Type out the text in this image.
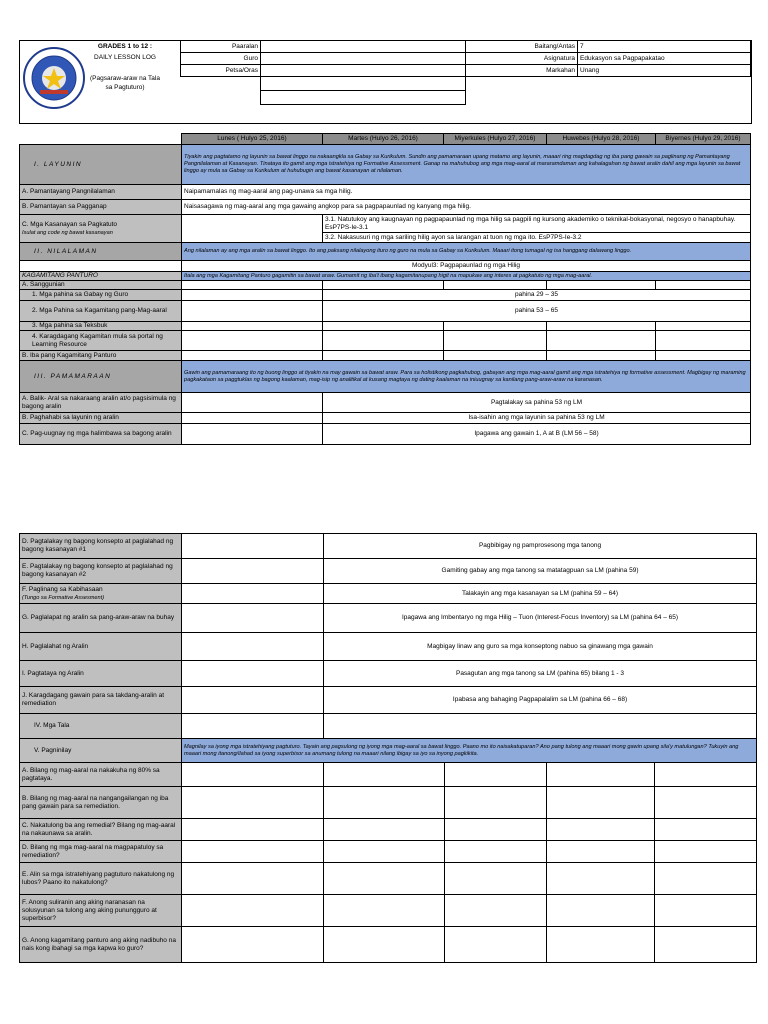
GRADES 1 to 12 :
DAILY LESSON LOG
(Pagsaraw-araw na Tala sa Pagtuturo)
Paaralan		Baitang/Antas	7
Guro		Asignatura	Edukasyon sa Pagpapakatao
Petsa/Oras		Markahan	Unang

	Lunes ( Hulyo 25, 2016)	Martes (Hulyo 26, 2016)	Miyerkules (Hulyo 27, 2016)	Huwebes (Hulyo 28, 2016)	Biyernes (Hulyo 29, 2016)
I. LAYUNIN	Tiyakin ang pagtatamo ng layunin sa bawat linggo na nakaangkla sa Gabay sa Kurikulum. Sundin ang pamamaraan upang matamo ang layunin, maaari ring magdagdag ng iba pang gawain sa paglinang ng Pamantayang Pangnilalaman at Kasanayan. Tinataya ito gamit ang mga istratehiya ng Formative Assessment. Ganap na mahuhubog ang mga mag-aaral at mararamdaman ang kahalagahan ng bawat aralin dahil ang mga layunin sa bawat linggo ay mula sa Gabay sa Kurikulum at huhubugin ang bawat kasanayan at nilalaman.				
A. Pamantayang Pangnilalaman	Naipamamalas ng mag-aaral ang pag-unawa sa mga hilig.				
B. Pamantayan sa Pagganap	Naisasagawa ng mag-aaral ang mga gawaing angkop para sa pagpapaunlad ng kanyang mga hilig.				
C. Mga Kasanayan sa Pagkatuto
Isulat ang code ng bawat kasanayan		3.1. Natutukoy ang kaugnayan ng pagpapaunlad ng mga hilig sa pagpili ng kursong akademiko o teknikal-bokasyonal, negosyo o hanapbuhay. EsP7PS-Ie-3.1			
		3.2. Nakasusuri ng mga sariling hilig ayon sa larangan at tuon ng mga ito. EsP7PS-Ie-3.2			
II. NILALAMAN	Ang nilalaman ay ang mga aralin sa bawat linggo. Ito ang paksang nilalayong ituro ng guro na mula sa Gabay sa Kurikulum. Maaari itong tumagal ng isa hanggang dalawang linggo.				
	Modyul3: Pagpapaunlad ng mga Hilig				
KAGAMITANG PANTURO	Itala ang mga Kagamitang Panturo gagamitin sa bawat araw. Gumamit ng iba't ibang kagamitanupang higit na mapukaw ang interes at pagkatuto ng mga mag-aaral.				
A. Sanggunian					
1. Mga pahina sa Gabay ng Guro		pahina 29 – 35			
2. Mga Pahina sa Kagamitang pang-Mag-aaral		pahina 53 – 65			
3. Mga pahina sa Teksbuk					
4. Karagdagang Kagamitan mula sa portal ng Learning Resource					
B. Iba pang Kagamitang Panturo					
III. PAMAMARAAN	Gawin ang pamamaraang ito ng buong linggo at tiyakin na may gawain sa bawat araw. Para sa holistikong pagkahubog, gabayan ang mga mag-aaral gamit ang mga istratehiya ng formative assessment. Magbigay ng maraming pagkakataon sa paggtuklas ng bagong kaalaman, mag-isip ng analitikal at kusang magtaya ng dating kaalaman na iniuugnay sa kanilang pang-araw-araw na karanasan.				
A. Balik- Aral sa nakaraang aralin at/o pagsisimula ng bagong aralin		Pagtalakay sa pahina 53 ng LM			
B. Paghahabi sa layunin ng aralin		Isa-isahin ang mga layunin sa pahina 53 ng LM			
C. Pag-uugnay ng mga halimbawa sa bagong aralin		Ipagawa ang gawain 1, A at B (LM 56 – 58)			
D. Pagtalakay ng bagong konsepto at paglalahad ng bagong kasanayan #1		Pagbibigay ng pamprosesong mga tanong			
E. Pagtalakay ng bagong konsepto at paglalahad ng bagong kasanayan #2		Gamiting gabay ang mga tanong sa matatagpuan sa LM (pahina 59)			
F. Paglinang sa Kabihasaan
(Tungo sa Formative Assesment)		Talakayin ang mga kasanayan sa LM (pahina 59 – 64)			
G. Paglalapat ng aralin sa pang-araw-araw na buhay		Ipagawa ang Imbentaryo ng mga Hilig – Tuon (Interest-Focus Inventory) sa LM (pahina 64 – 65)			
H. Paglalahat ng Aralin		Magbigay linaw ang guro sa mga konseptong nabuo sa ginawang mga gawain			
I. Pagtataya ng Aralin		Pasagutan ang mga tanong sa LM (pahina 65) bilang 1 - 3			
J. Karagdagang gawain para sa takdang-aralin at remediation		Ipabasa ang bahaging Pagpapalalim sa LM (pahina 66 – 68)			
IV. Mga Tala					
V. Pagninilay	Magnilay sa iyong mga istratehiyang pagtuturo. Tayain ang pagsulong ng iyong mga mag-aaral sa bawat linggo. Paano mo ito naisakatuparan? Ano pang tulong ang maaari mong gawin upang sila'y matulungan? Tukuyin ang maaari mong itanong/ilahad sa iyong superbisor sa anumang tulong na maaari nilang ibigay sa iyo sa inyong pagkikita.				
A. Bilang ng mag-aaral na nakakuha ng 80% sa pagtataya.					
B. Bilang ng mag-aaral na nangangailangan ng iba pang gawain para sa remediation.					
C. Nakatulong ba ang remedial? Bilang ng mag-aaral na nakaunawa sa aralin.					
D. Bilang ng mga mag-aaral na magpapatuloy sa remediation?					
E. Alin sa mga istratehiyang pagtuturo nakatulong ng lubos? Paano ito nakatulong?					
F. Anong suliranin ang aking naranasan na solusyunan sa tulong ang aking punungguro at superbisor?					
G. Anong kagamitang panturo ang aking nadibuho na nais kong ibahagi sa mga kapwa ko guro?					
